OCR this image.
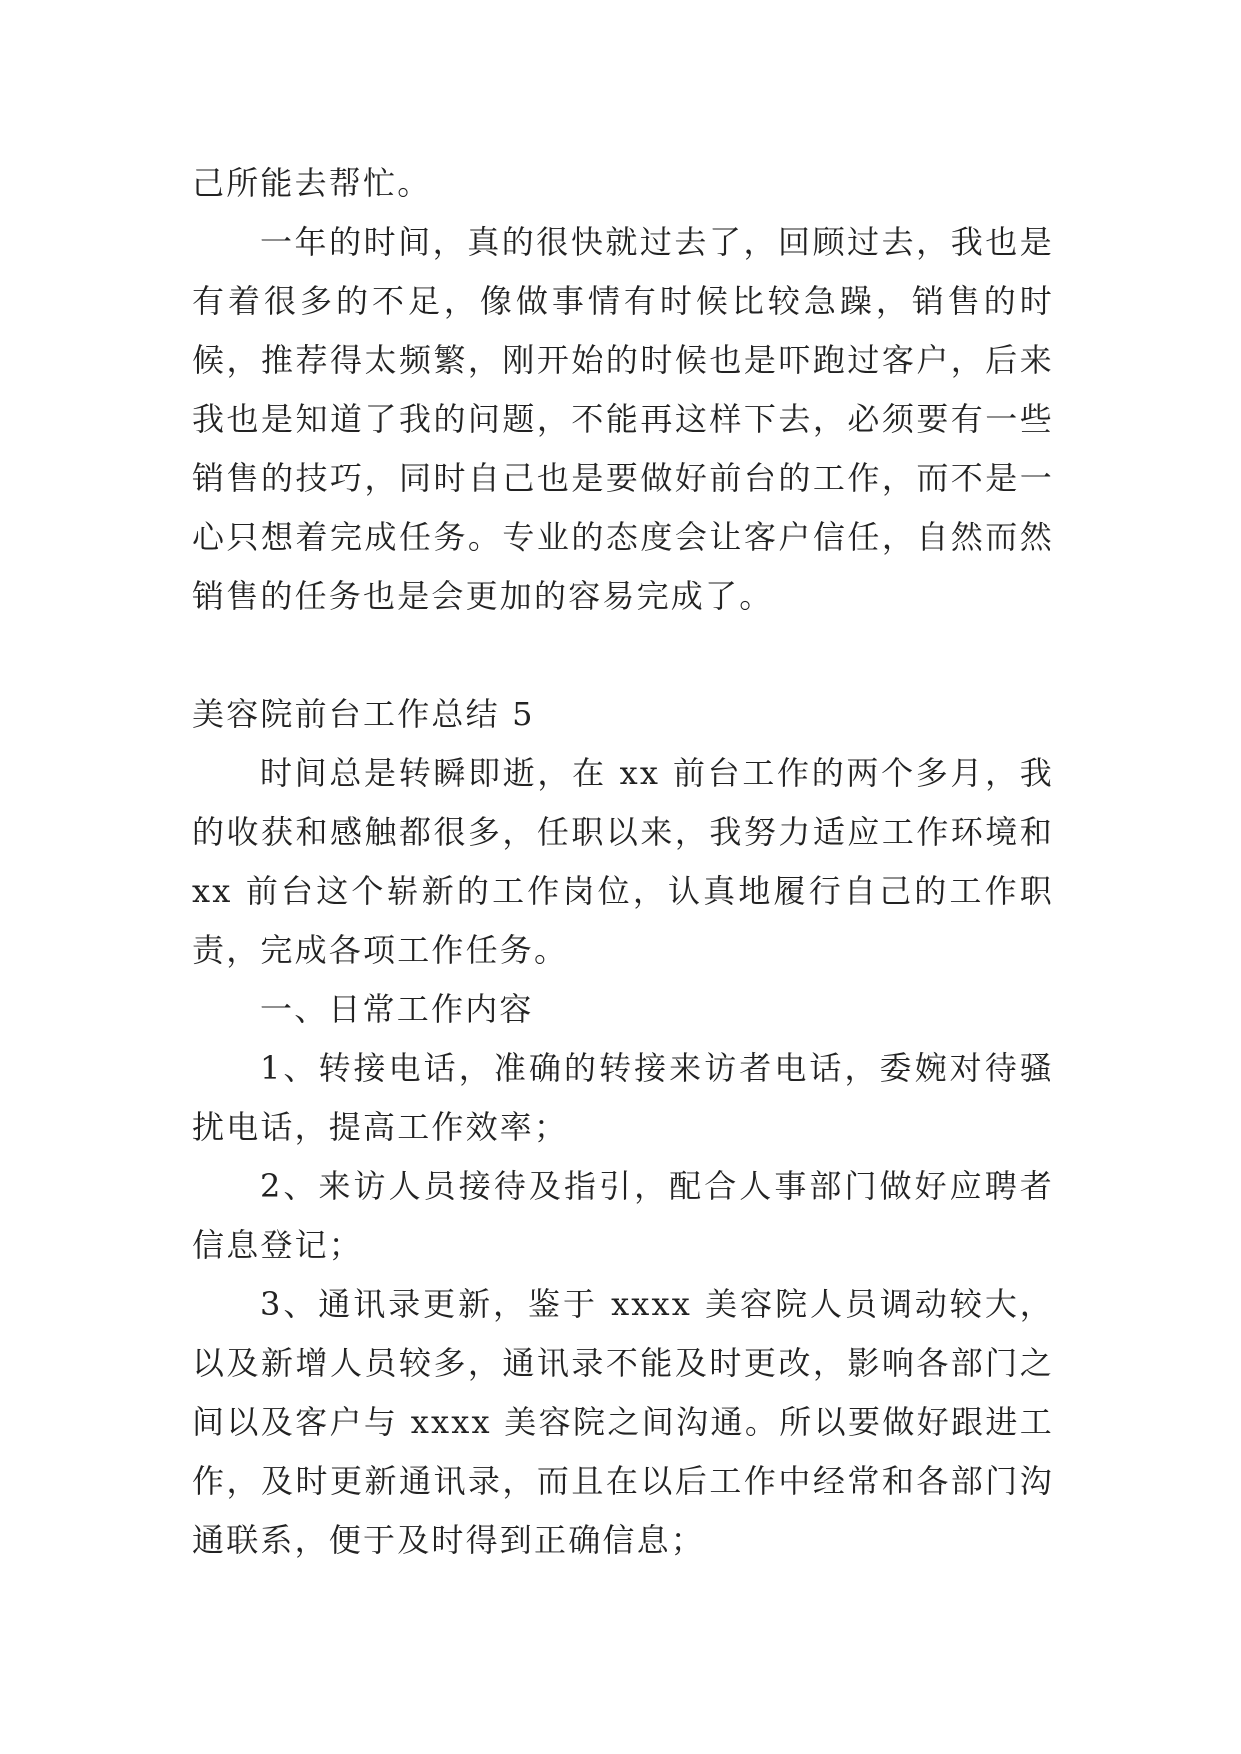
己所能去帮忙。

一年的时间，真的很快就过去了，回顾过去，我也是有着很多的不足，像做事情有时候比较急躁，销售的时候，推荐得太频繁，刚开始的时候也是吓跑过客户，后来我也是知道了我的问题，不能再这样下去，必须要有一些销售的技巧，同时自己也是要做好前台的工作，而不是一心只想着完成任务。专业的态度会让客户信任，自然而然销售的任务也是会更加的容易完成了。

美容院前台工作总结 5

时间总是转瞬即逝，在 xx 前台工作的两个多月，我的收获和感触都很多，任职以来，我努力适应工作环境和 xx 前台这个崭新的工作岗位，认真地履行自己的工作职责，完成各项工作任务。

一、日常工作内容

1、转接电话，准确的转接来访者电话，委婉对待骚扰电话，提高工作效率；

2、来访人员接待及指引，配合人事部门做好应聘者信息登记；

3、通讯录更新，鉴于 xxxx 美容院人员调动较大，以及新增人员较多，通讯录不能及时更改，影响各部门之间以及客户与 xxxx 美容院之间沟通。所以要做好跟进工作，及时更新通讯录，而且在以后工作中经常和各部门沟通联系，便于及时得到正确信息；
